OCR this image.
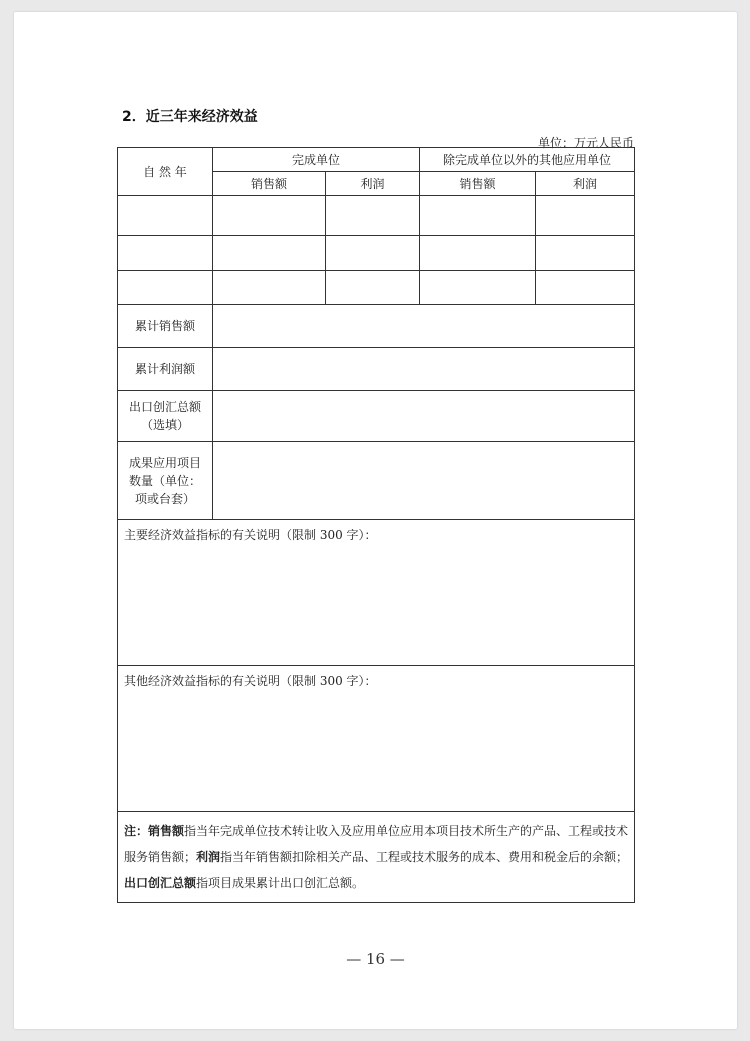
2．近三年来经济效益
单位：万元人民币
自 然 年	完成单位		除完成单位以外的其他应用单位	
	销售额	利润	销售额	利润

累计销售额				
累计利润额				

出口创汇总额
（选填）				

成果应用项目
数量（单位：
项或台套）				

主要经济效益指标的有关说明（限制 300 字）：				
其他经济效益指标的有关说明（限制 300 字）：				
注：销售额指当年完成单位技术转让收入及应用单位应用本项目技术所生产的产品、工程或技术服务销售额；利润指当年销售额扣除相关产品、工程或技术服务的成本、费用和税金后的余额；出口创汇总额指项目成果累计出口创汇总额。				
— 16 —
